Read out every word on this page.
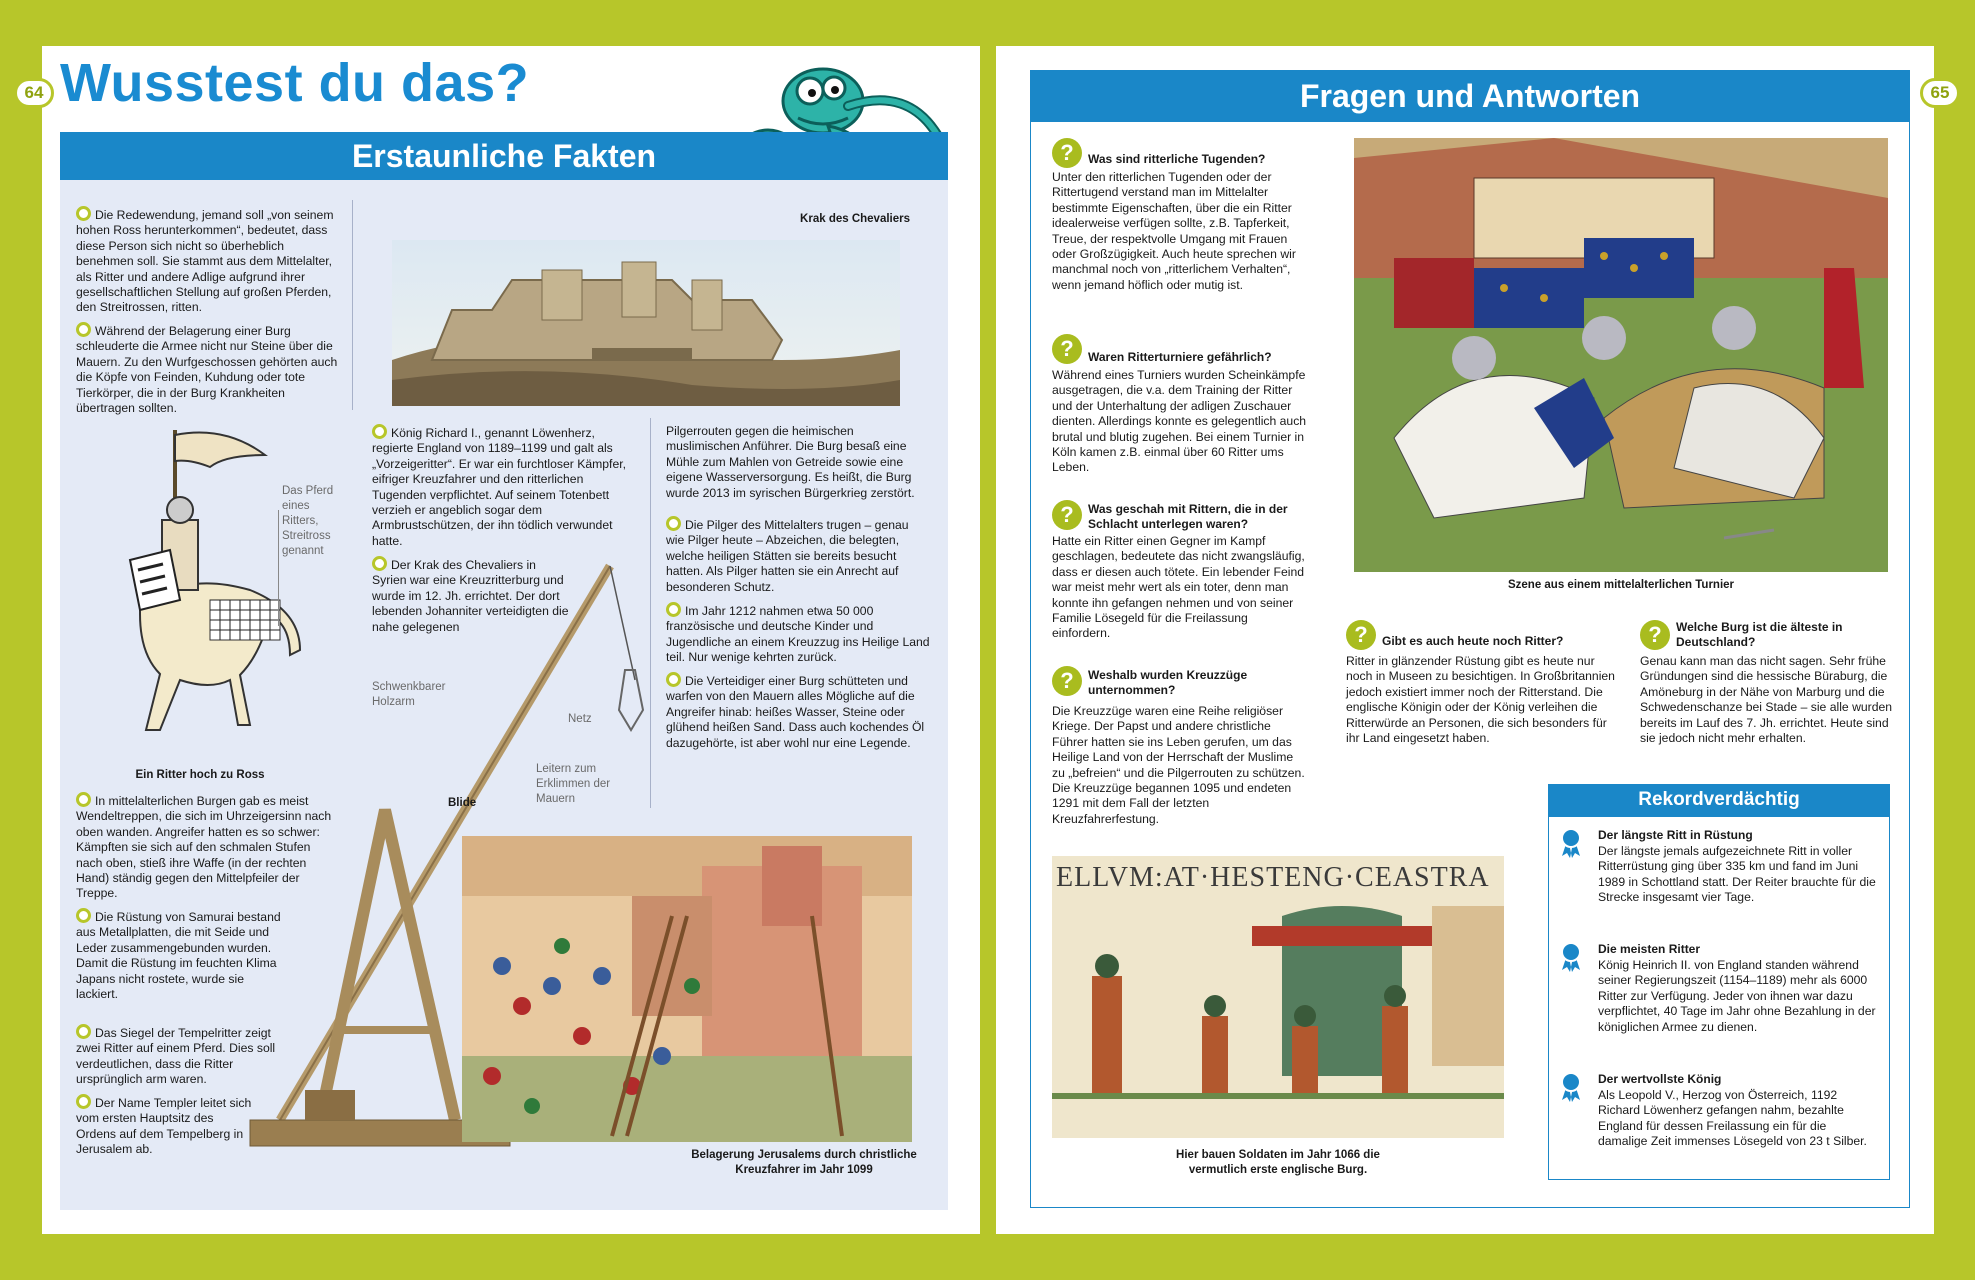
64	65
Wusstest du das?
Erstaunliche Fakten
Die Redewendung, jemand soll „von seinem hohen Ross herunterkommen“, bedeutet, dass diese Person sich nicht so überheblich benehmen soll. Sie stammt aus dem Mittelalter, als Ritter und andere Adlige aufgrund ihrer gesellschaftlichen Stellung auf großen Pferden, den Streitrossen, ritten.
Während der Belagerung einer Burg schleuderte die Armee nicht nur Steine über die Mauern. Zu den Wurfgeschossen gehörten auch die Köpfe von Feinden, Kuhdung oder tote Tierkörper, die in der Burg Krankheiten übertragen sollten.
Das Pferd eines Ritters, Streitross genannt
Ein Ritter hoch zu Ross
In mittelalterlichen Burgen gab es meist Wendeltreppen, die sich im Uhrzeigersinn nach oben wanden. Angreifer hatten es so schwer: Kämpften sie sich auf den schmalen Stufen nach oben, stieß ihre Waffe (in der rechten Hand) ständig gegen den Mittelpfeiler der Treppe.
Die Rüstung von Samurai bestand aus Metallplatten, die mit Seide und Leder zusammengebunden wurden. Damit die Rüstung im feuchten Klima Japans nicht rostete, wurde sie lackiert.
Das Siegel der Tempelritter zeigt zwei Ritter auf einem Pferd. Dies soll verdeutlichen, dass die Ritter ursprünglich arm waren.
Der Name Templer leitet sich vom ersten Hauptsitz des Ordens auf dem Tempelberg in Jerusalem ab.
Krak des Chevaliers
König Richard I., genannt Löwenherz, regierte England von 1189–1199 und galt als „Vorzeigeritter“. Er war ein furchtloser Kämpfer, eifriger Kreuzfahrer und den ritterlichen Tugenden verpflichtet. Auf seinem Totenbett verzieh er angeblich sogar dem Armbrustschützen, der ihn tödlich verwundet hatte.
Der Krak des Chevaliers in Syrien war eine Kreuzritterburg und wurde im 12. Jh. errichtet. Der dort lebenden Johanniter verteidigten die nahe gelegenen
Pilgerrouten gegen die heimischen muslimischen Anführer. Die Burg besaß eine Mühle zum Mahlen von Getreide sowie eine eigene Wasserversorgung. Es heißt, die Burg wurde 2013 im syrischen Bürgerkrieg zerstört.
Die Pilger des Mittelalters trugen – genau wie Pilger heute – Abzeichen, die belegten, welche heiligen Stätten sie bereits besucht hatten. Als Pilger hatten sie ein Anrecht auf besonderen Schutz.
Im Jahr 1212 nahmen etwa 50 000 französische und deutsche Kinder und Jugendliche an einem Kreuzzug ins Heilige Land teil. Nur wenige kehrten zurück.
Die Verteidiger einer Burg schütteten und warfen von den Mauern alles Mögliche auf die Angreifer hinab: heißes Wasser, Steine oder glühend heißen Sand. Dass auch kochendes Öl dazugehörte, ist aber wohl nur eine Legende.
Schwenkbarer Holzarm
Netz
Blide
Leitern zum Erklimmen der Mauern
Belagerung Jerusalems durch christliche Kreuzfahrer im Jahr 1099
Fragen und Antworten
?	Was sind ritterliche Tugenden?
Unter den ritterlichen Tugenden oder der Rittertugend verstand man im Mittelalter bestimmte Eigenschaften, über die ein Ritter idealerweise verfügen sollte, z.B. Tapferkeit, Treue, der respektvolle Umgang mit Frauen oder Großzügigkeit. Auch heute sprechen wir manchmal noch von „ritterlichem Verhalten“, wenn jemand höflich oder mutig ist.
?	Waren Ritterturniere gefährlich?
Während eines Turniers wurden Scheinkämpfe ausgetragen, die v.a. dem Training der Ritter und der Unterhaltung der adligen Zuschauer dienten. Allerdings konnte es gelegentlich auch brutal und blutig zugehen. Bei einem Turnier in Köln kamen z.B. einmal über 60 Ritter ums Leben.
?	Was geschah mit Rittern, die in der Schlacht unterlegen waren?
Hatte ein Ritter einen Gegner im Kampf geschlagen, bedeutete das nicht zwangsläufig, dass er diesen auch tötete. Ein lebender Feind war meist mehr wert als ein toter, denn man konnte ihn gefangen nehmen und von seiner Familie Lösegeld für die Freilassung einfordern.
?	Weshalb wurden Kreuzzüge unternommen?
Die Kreuzzüge waren eine Reihe religiöser Kriege. Der Papst und andere christliche Führer hatten sie ins Leben gerufen, um das Heilige Land von der Herrschaft der Muslime zu „befreien“ und die Pilgerrouten zu schützen. Die Kreuzzüge begannen 1095 und endeten 1291 mit dem Fall der letzten Kreuzfahrerfestung.
Szene aus einem mittelalterlichen Turnier
?	Gibt es auch heute noch Ritter?
Ritter in glänzender Rüstung gibt es heute nur noch in Museen zu besichtigen. In Großbritannien jedoch existiert immer noch der Ritterstand. Die englische Königin oder der König verleihen die Ritterwürde an Personen, die sich besonders für ihr Land eingesetzt haben.
?	Welche Burg ist die älteste in Deutschland?
Genau kann man das nicht sagen. Sehr frühe Gründungen sind die hessische Büraburg, die Amöneburg in der Nähe von Marburg und die Schwedenschanze bei Stade – sie alle wurden bereits im Lauf des 7. Jh. errichtet. Heute sind sie jedoch nicht mehr erhalten.
ELLVM:AT·HESTENG·CEASTRA
Hier bauen Soldaten im Jahr 1066 die vermutlich erste englische Burg.
Rekordverdächtig
Der längste Ritt in Rüstung
Der längste jemals aufgezeichnete Ritt in voller Ritterrüstung ging über 335 km und fand im Juni 1989 in Schottland statt. Der Reiter brauchte für die Strecke insgesamt vier Tage.
Die meisten Ritter
König Heinrich II. von England standen während seiner Regierungszeit (1154–1189) mehr als 6000 Ritter zur Verfügung. Jeder von ihnen war dazu verpflichtet, 40 Tage im Jahr ohne Bezahlung in der königlichen Armee zu dienen.
Der wertvollste König
Als Leopold V., Herzog von Österreich, 1192 Richard Löwenherz gefangen nahm, bezahlte England für dessen Freilassung ein für die damalige Zeit immenses Lösegeld von 23 t Silber.
